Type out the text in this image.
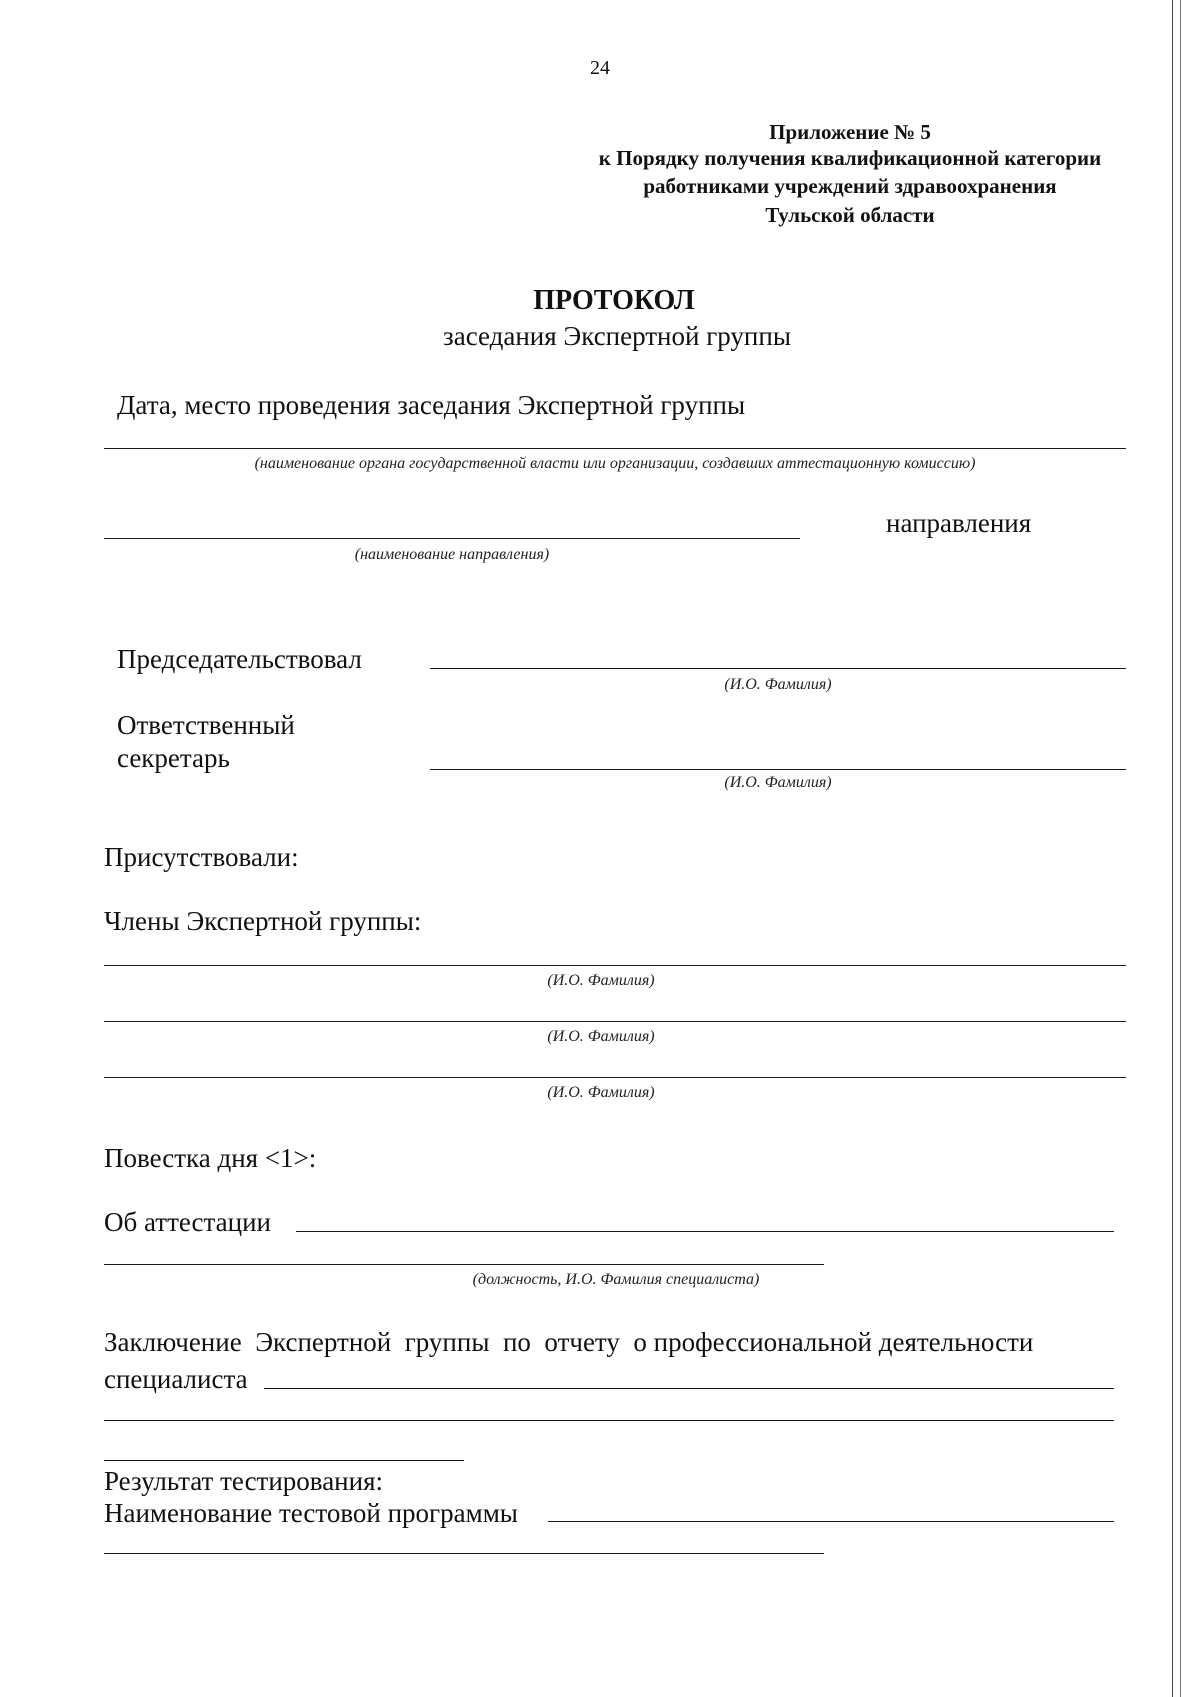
24
Приложение № 5
к Порядку получения квалификационной категории
работниками учреждений здравоохранения
Тульской области
ПРОТОКОЛ
заседания Экспертной группы
Дата, место проведения заседания Экспертной группы
(наименование органа государственной власти или организации, создавших аттестационную комиссию)
направления
(наименование направления)
Председательствовал
(И.О. Фамилия)
Ответственный
секретарь
(И.О. Фамилия)
Присутствовали:
Члены Экспертной группы:
(И.О. Фамилия)
(И.О. Фамилия)
(И.О. Фамилия)
Повестка дня <1>:
Об аттестации
(должность, И.О. Фамилия специалиста)
Заключение  Экспертной  группы  по  отчету  о профессиональной деятельности
специалиста
Результат тестирования:
Наименование тестовой программы
